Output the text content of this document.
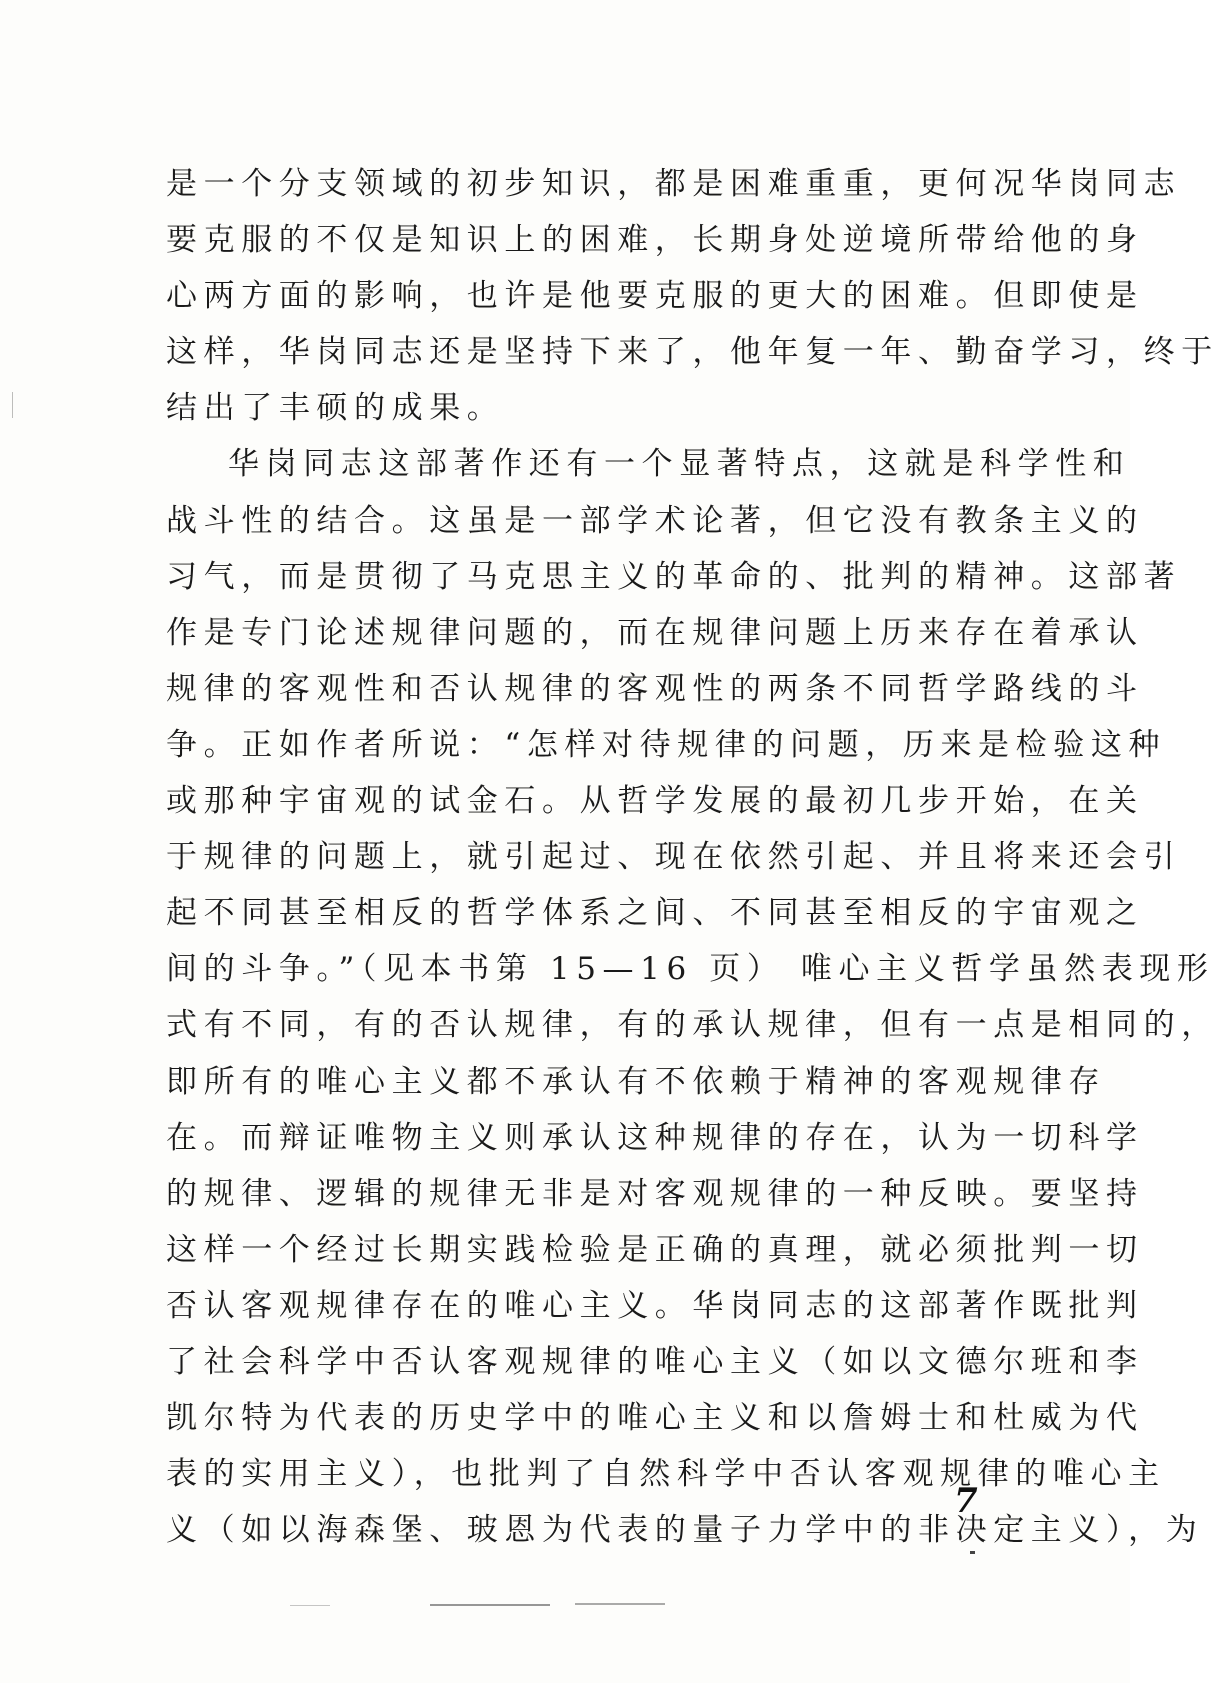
是一个分支领域的初步知识，都是困难重重，更何况华岗同志
要克服的不仅是知识上的困难，长期身处逆境所带给他的身
心两方面的影响，也许是他要克服的更大的困难。但即使是
这样，华岗同志还是坚持下来了，他年复一年、勤奋学习，终于
结出了丰硕的成果。
华岗同志这部著作还有一个显著特点，这就是科学性和
战斗性的结合。这虽是一部学术论著，但它没有教条主义的
习气，而是贯彻了马克思主义的革命的、批判的精神。这部著
作是专门论述规律问题的，而在规律问题上历来存在着承认
规律的客观性和否认规律的客观性的两条不同哲学路线的斗
争。正如作者所说：“怎样对待规律的问题，历来是检验这种
或那种宇宙观的试金石。从哲学发展的最初几步开始，在关
于规律的问题上，就引起过、现在依然引起、并且将来还会引
起不同甚至相反的哲学体系之间、不同甚至相反的宇宙观之
间的斗争。”（见本书第 15—16 页） 唯心主义哲学虽然表现形
式有不同，有的否认规律，有的承认规律，但有一点是相同的，
即所有的唯心主义都不承认有不依赖于精神的客观规律存
在。而辩证唯物主义则承认这种规律的存在，认为一切科学
的规律、逻辑的规律无非是对客观规律的一种反映。要坚持
这样一个经过长期实践检验是正确的真理，就必须批判一切
否认客观规律存在的唯心主义。华岗同志的这部著作既批判
了社会科学中否认客观规律的唯心主义（如以文德尔班和李
凯尔特为代表的历史学中的唯心主义和以詹姆士和杜威为代
表的实用主义），也批判了自然科学中否认客观规律的唯心主
义（如以海森堡、玻恩为代表的量子力学中的非决定主义），为
7
